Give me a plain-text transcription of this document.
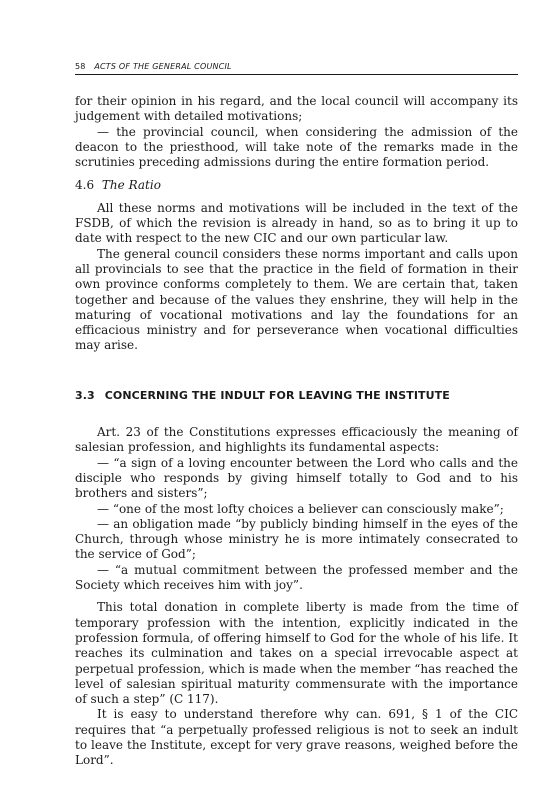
58 ACTS OF THE GENERAL COUNCIL

for their opinion in his regard, and the local council will accompany its judgement with detailed motivations;

— the provincial council, when considering the admission of the deacon to the priesthood, will take note of the remarks made in the scrutinies preceding admissions during the entire formation period.

4.6 The Ratio

All these norms and motivations will be included in the text of the FSDB, of which the revision is already in hand, so as to bring it up to date with respect to the new CIC and our own particular law.

The general council considers these norms important and calls upon all provincials to see that the practice in the field of formation in their own province conforms completely to them. We are certain that, taken together and because of the values they enshrine, they will help in the maturing of vocational motivations and lay the foundations for an efficacious ministry and for perseverance when vocational difficulties may arise.

3.3 CONCERNING THE INDULT FOR LEAVING THE INSTITUTE

Art. 23 of the Constitutions expresses efficaciously the meaning of salesian profession, and highlights its fundamental aspects:

— “a sign of a loving encounter between the Lord who calls and the disciple who responds by giving himself totally to God and to his brothers and sisters”;

— “one of the most lofty choices a believer can consciously make”;

— an obligation made “by publicly binding himself in the eyes of the Church, through whose ministry he is more intimately consecrated to the service of God”;

— “a mutual commitment between the professed member and the Society which receives him with joy”.

This total donation in complete liberty is made from the time of temporary profession with the intention, explicitly indicated in the profession formula, of offering himself to God for the whole of his life. It reaches its culmination and takes on a special irrevocable aspect at perpetual profession, which is made when the member “has reached the level of salesian spiritual maturity commensurate with the importance of such a step” (C 117).

It is easy to understand therefore why can. 691, § 1 of the CIC requires that “a perpetually professed religious is not to seek an indult to leave the Institute, except for very grave reasons, weighed before the Lord”.
